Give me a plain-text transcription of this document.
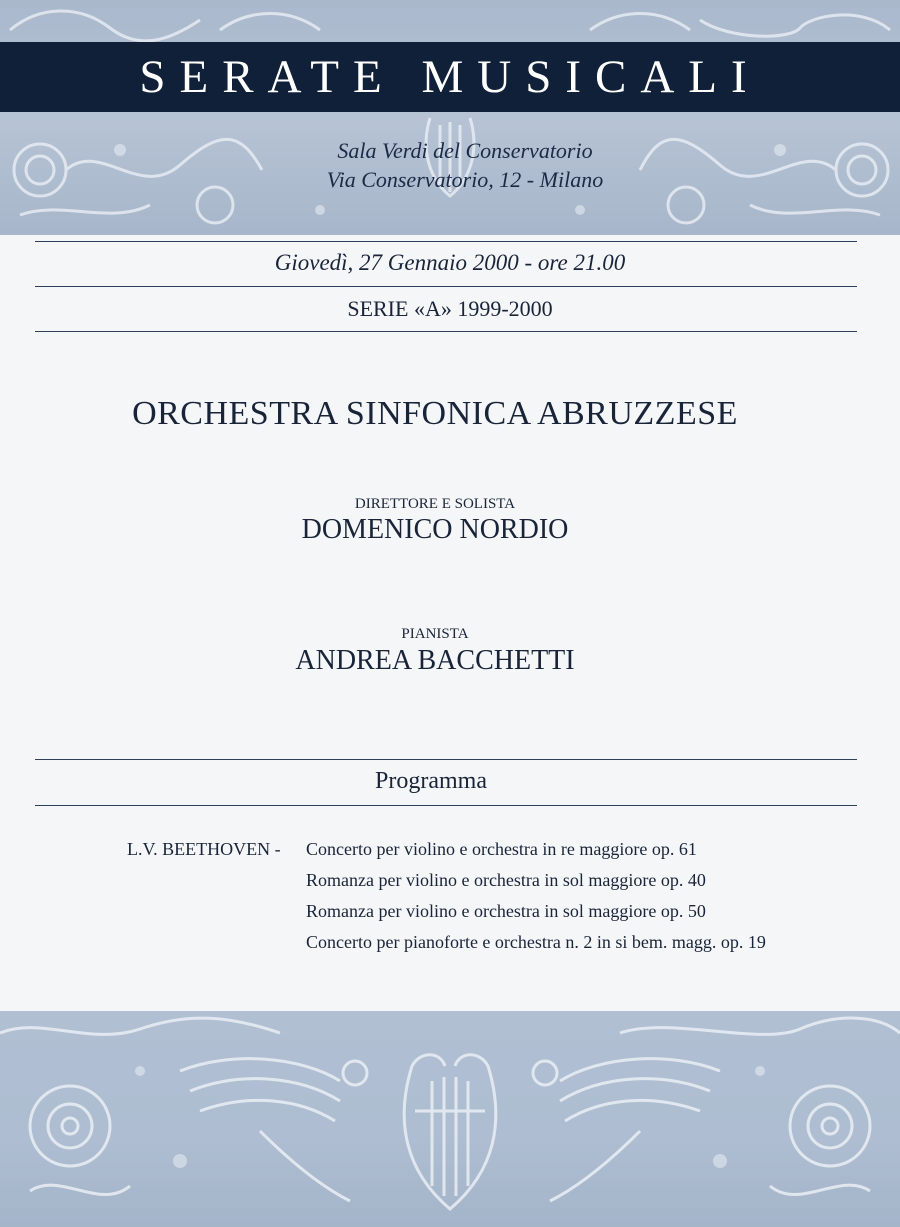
SERATE MUSICALI
Sala Verdi del Conservatorio
Via Conservatorio, 12 - Milano
Giovedì, 27 Gennaio 2000 - ore 21.00
SERIE «A» 1999-2000
ORCHESTRA SINFONICA ABRUZZESE
DIRETTORE E SOLISTA
DOMENICO NORDIO
PIANISTA
ANDREA BACCHETTI
Programma
L.V. BEETHOVEN - Concerto per violino e orchestra in re maggiore op. 61
Romanza per violino e orchestra in sol maggiore op. 40
Romanza per violino e orchestra in sol maggiore op. 50
Concerto per pianoforte e orchestra n. 2 in si bem. magg. op. 19
